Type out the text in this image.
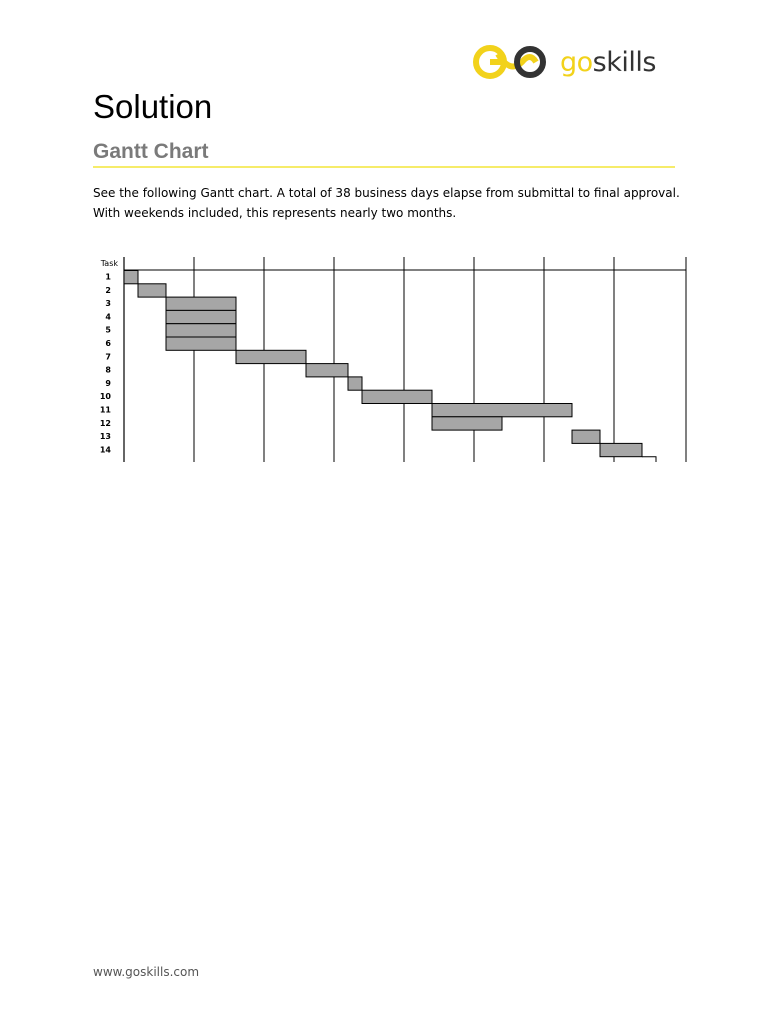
goskills
Solution
Gantt Chart

See the following Gantt chart. A total of 38 business days elapse from submittal to final approval.
With weekends included, this represents nearly two months.

Task
1
2
3
4
5
6
7
8
9
10
11
12
13
14
www.goskills.com
